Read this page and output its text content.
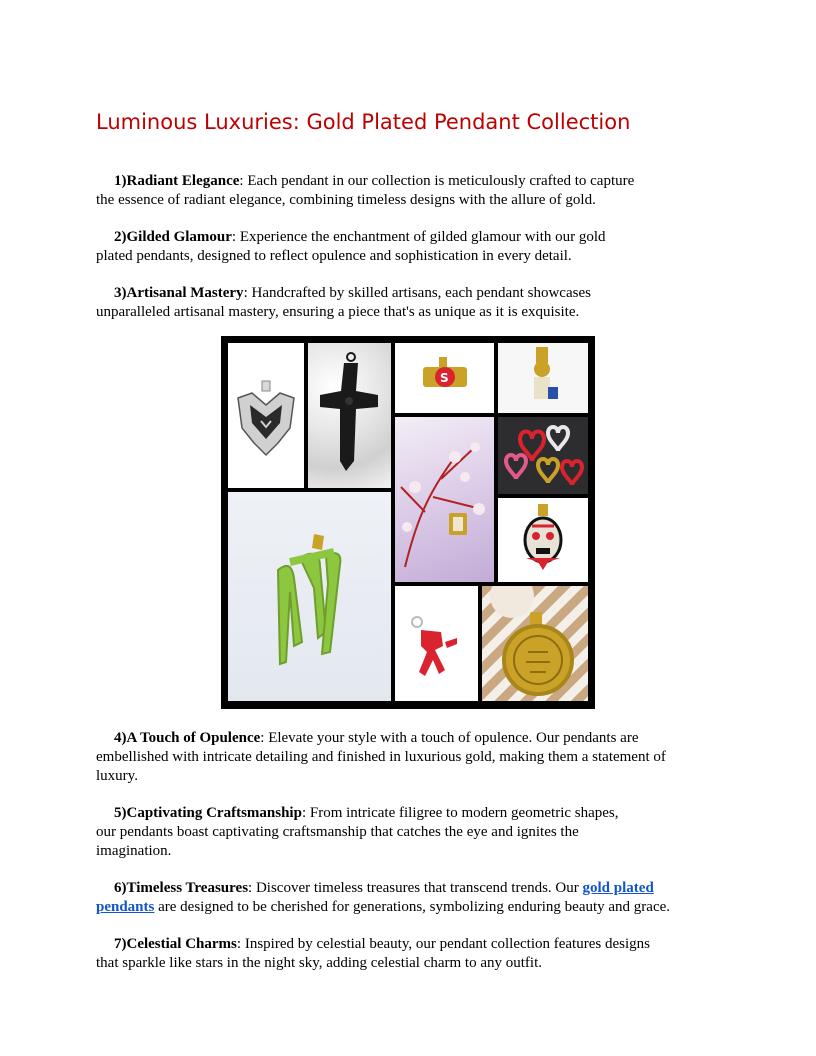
Luminous Luxuries: Gold Plated Pendant Collection

1)Radiant Elegance: Each pendant in our collection is meticulously crafted to capture
the essence of radiant elegance, combining timeless designs with the allure of gold.

2)Gilded Glamour: Experience the enchantment of gilded glamour with our gold
plated pendants, designed to reflect opulence and sophistication in every detail.

3)Artisanal Mastery: Handcrafted by skilled artisans, each pendant showcases
unparalleled artisanal mastery, ensuring a piece that's as unique as it is exquisite.

S

4)A Touch of Opulence: Elevate your style with a touch of opulence. Our pendants are
embellished with intricate detailing and finished in luxurious gold, making them a statement of
luxury.

5)Captivating Craftsmanship: From intricate filigree to modern geometric shapes,
our pendants boast captivating craftsmanship that catches the eye and ignites the
imagination.

6)Timeless Treasures: Discover timeless treasures that transcend trends. Our gold plated
pendants are designed to be cherished for generations, symbolizing enduring beauty and grace.

7)Celestial Charms: Inspired by celestial beauty, our pendant collection features designs
that sparkle like stars in the night sky, adding celestial charm to any outfit.
